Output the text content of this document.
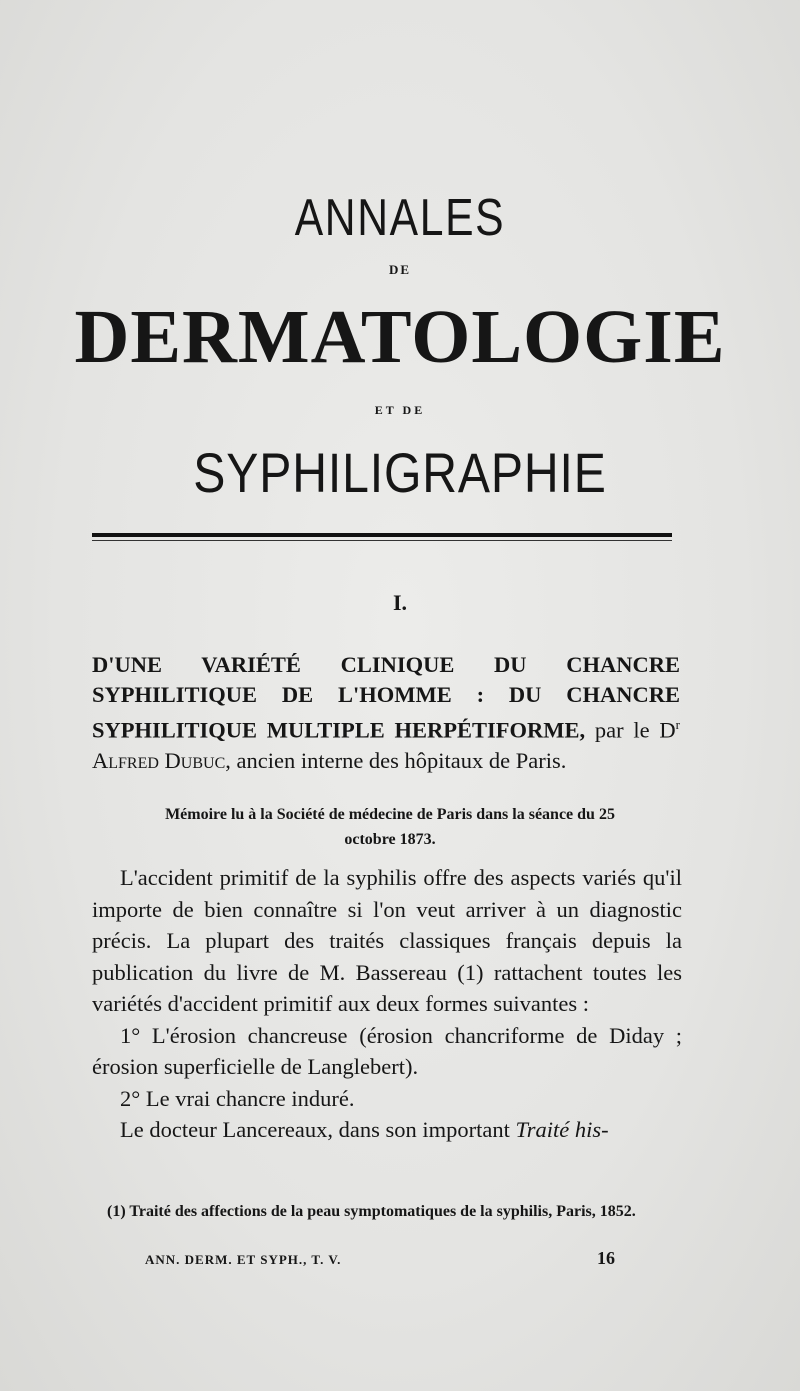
ANNALES
DE
DERMATOLOGIE
ET DE
SYPHILIGRAPHIE
I.
D'UNE VARIÉTÉ CLINIQUE DU CHANCRE SYPHILITIQUE DE L'HOMME : DU CHANCRE SYPHILITIQUE MULTIPLE HERPÉTIFORME, par le $D^r$ Alfred Dubuc, ancien interne des hôpitaux de Paris.
Mémoire lu à la Société de médecine de Paris dans la séance du 25 octobre 1873.

L'accident primitif de la syphilis offre des aspects variés qu'il importe de bien connaître si l'on veut arriver à un diagnostic précis. La plupart des traités classiques français depuis la publication du livre de M. Bassereau (1) rattachent toutes les variétés d'accident primitif aux deux formes suivantes :

1° L'érosion chancreuse (érosion chancriforme de Diday ; érosion superficielle de Langlebert).

2° Le vrai chancre induré.

Le docteur Lancereaux, dans son important Traité his-

(1) Traité des affections de la peau symptomatiques de la syphilis, Paris, 1852.

ANN. DERM. ET SYPH., T. V.	16
